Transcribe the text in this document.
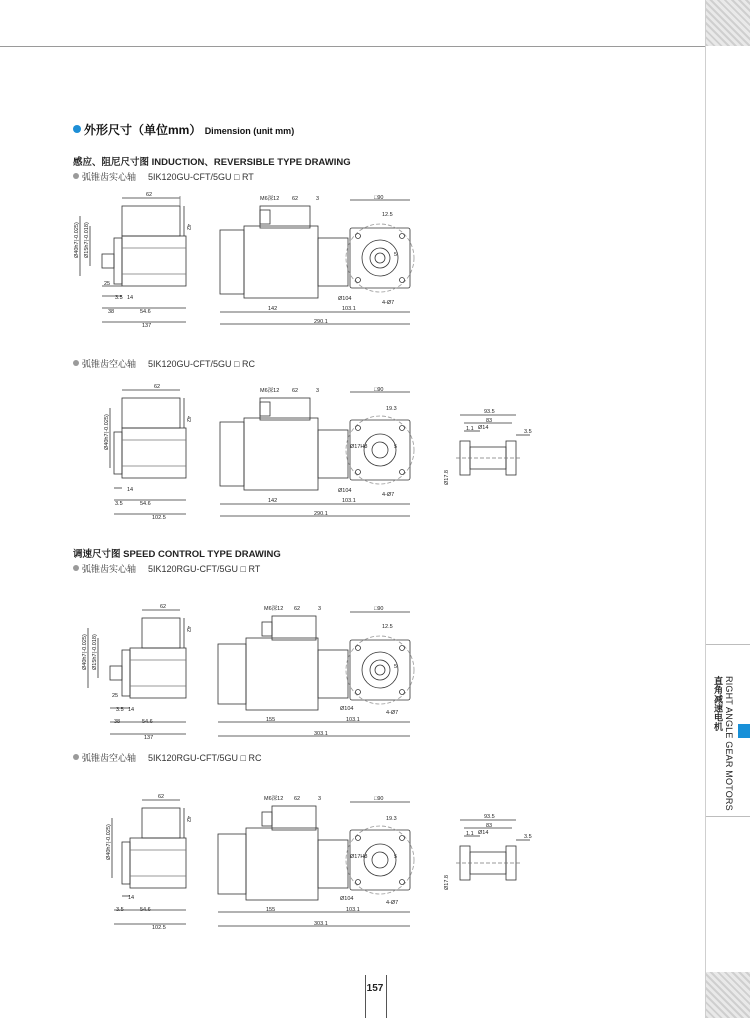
RIGHT ANGLE GEAR MOTORS
直角减速电机
外形尺寸（单位mm） Dimension (unit mm)
感应、阻尼尺寸图 INDUCTION、REVERSIBLE TYPE DRAWING
弧锥齿实心轴 5IK120GU-CFT/5GU □ RT
弧锥齿空心轴 5IK120GU-CFT/5GU □ RC
调速尺寸图 SPEED CONTROL TYPE DRAWING
弧锥齿实心轴 5IK120RGU-CFT/5GU □ RT
弧锥齿空心轴 5IK120RGU-CFT/5GU □ RC
62
42
Ø40h7(-0.025) Ø15h7(-0.018)
25
3.5 14
38	54.6
137
M6深12 62	3	□90
12.5
5
Ø104
4-Ø7
142	103.1
290.1
62
42
Ø40h7(-0.025)
3.5
14
54.6
102.5
M6深12 62	3	□90
19.3
Ø17H8	5
Ø104
4-Ø7
142	103.1
290.1
93.5
83
1.1 Ø14
3.5
Ø17.8
62
42
Ø40h7(-0.025) Ø15h7(-0.018)
25
3.5 14
38	54.6
137
M6深12 62	3	□90
12.5
5
Ø104
4-Ø7
155	103.1
303.1
62
42
Ø40h7(-0.025)
3.5
14
54.6
102.5
M6深12 62	3	□90
19.3
Ø17H8	5
Ø104
4-Ø7
155	103.1
303.1
93.5
83
1.1 Ø14
3.5
Ø17.8
157
